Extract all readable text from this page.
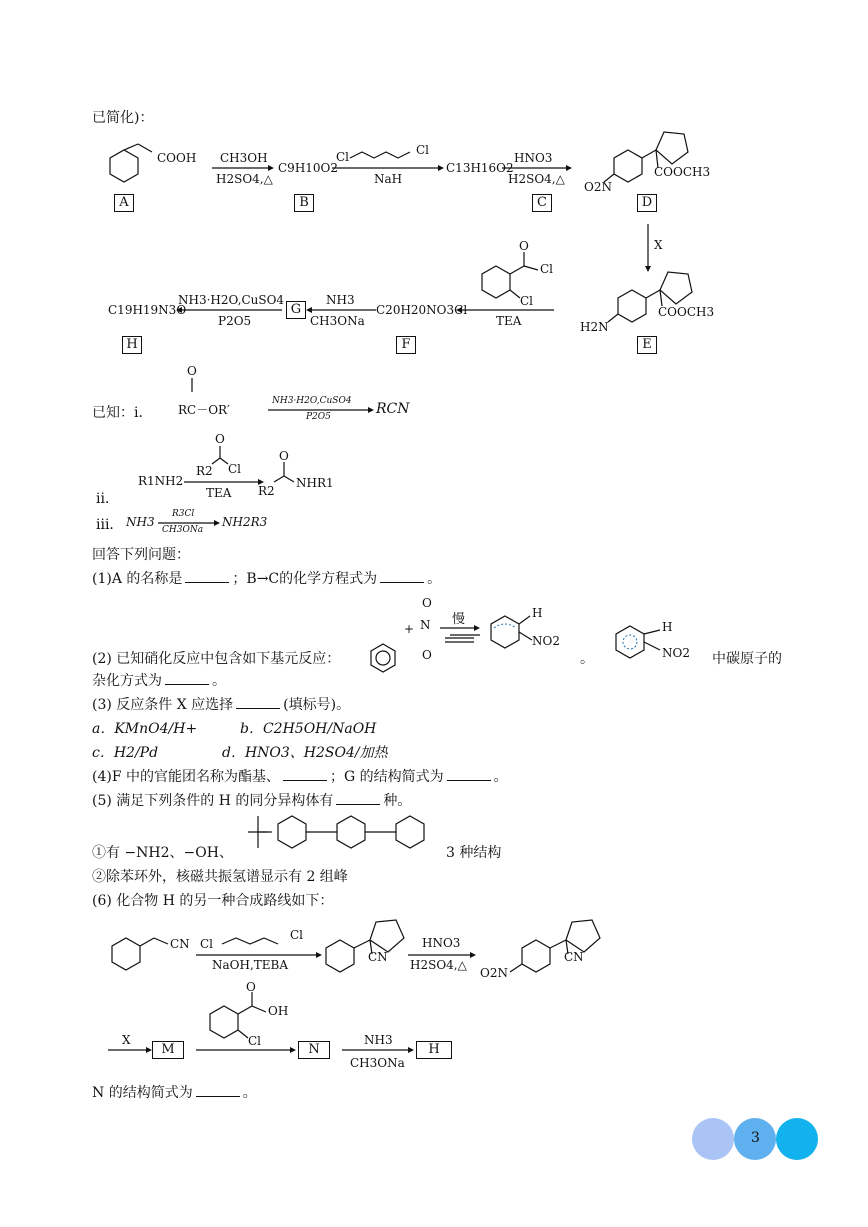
已简化)：
COOH CH3OH
H2SO4,△
C9H10O2
Cl	Cl
NaH
C13H16O2
HNO3
H2SO4,△	COOCH3
O2N
A	B	C	D
X
COOCH3
H2N
Cl
Cl
O
TEA
C20H20NO3Cl
NH3
CH3ONa
G
NH3·H2O,CuSO4
P2O5
C19H19N3O
H	F	E
已知：i．
O
RC－OR′
NH3·H2O,CuSO4
P2O5	RCN
ii．
R1NH2
R2 Cl
O
TEA R2
O
NHR1
iii． NH3
R3Cl
CH3ONa
NH2R3
回答下列问题：
(1)A 的名称是	；B→C的化学方程式为	。
(2) 已知硝化反应中包含如下基元反应：
+
O
N
O
慢	H
NO2
。
H
NO2 中碳原子的
杂化方式为	。
(3) 反应条件 X 应选择	(填标号)。
a．KMnO4/H+	b．C2H5OH/NaOH
c．H2/Pd	d．HNO3、H2SO4/加热
(4)F 中的官能团名称为酯基、	；G 的结构简式为	。
(5) 满足下列条件的 H 的同分异构体有	种。
①有 −NH2、−OH、	3 种结构
②除苯环外，核磁共振氢谱显示有 2 组峰
(6) 化合物 H 的另一种合成路线如下：
CN Cl
Cl
NaOH,TEBA
CN
HNO3
H2SO4,△
CN
O2N
X
M
O
OH
Cl
N
NH3
CH3ONa
H
N 的结构简式为	。
3
